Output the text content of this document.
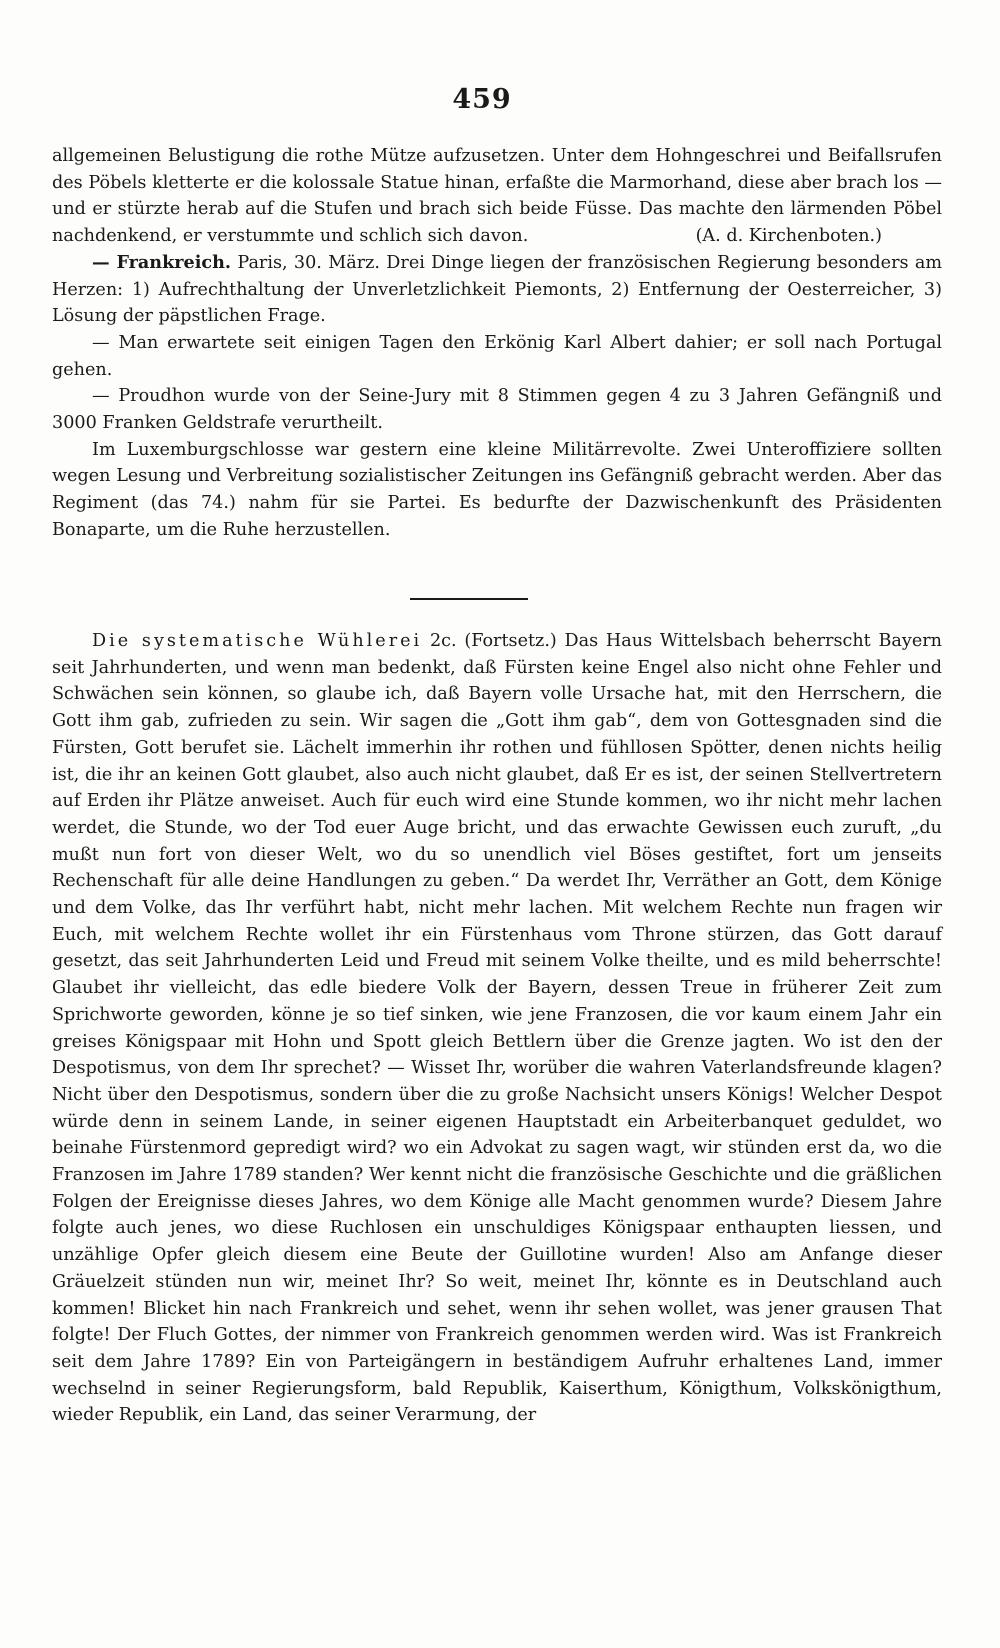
459

allgemeinen Belustigung die rothe Mütze aufzusetzen. Unter dem Hohngeschrei und Beifallsrufen des Pöbels kletterte er die kolossale Statue hinan, erfaßte die Marmorhand, diese aber brach los — und er stürzte herab auf die Stufen und brach sich beide Füsse. Das machte den lärmenden Pöbel nachdenkend, er verstummte und schlich sich davon.	(A. d. Kirchenboten.)

— Frankreich. Paris, 30. März. Drei Dinge liegen der französischen Regierung besonders am Herzen: 1) Aufrechthaltung der Unverletzlichkeit Piemonts, 2) Entfernung der Oesterreicher, 3) Lösung der päpstlichen Frage.

— Man erwartete seit einigen Tagen den Erkönig Karl Albert dahier; er soll nach Portugal gehen.

— Proudhon wurde von der Seine-Jury mit 8 Stimmen gegen 4 zu 3 Jahren Gefängniß und 3000 Franken Geldstrafe verurtheilt.

Im Luxemburgschlosse war gestern eine kleine Militärrevolte. Zwei Unteroffiziere sollten wegen Lesung und Verbreitung sozialistischer Zeitungen ins Gefängniß gebracht werden. Aber das Regiment (das 74.) nahm für sie Partei. Es bedurfte der Dazwischenkunft des Präsidenten Bonaparte, um die Ruhe herzustellen.

Die systematische Wühlerei 2c. (Fortsetz.) Das Haus Wittelsbach beherrscht Bayern seit Jahrhunderten, und wenn man bedenkt, daß Fürsten keine Engel also nicht ohne Fehler und Schwächen sein können, so glaube ich, daß Bayern volle Ursache hat, mit den Herrschern, die Gott ihm gab, zufrieden zu sein. Wir sagen die „Gott ihm gab“, dem von Gottesgnaden sind die Fürsten, Gott berufet sie. Lächelt immerhin ihr rothen und fühllosen Spötter, denen nichts heilig ist, die ihr an keinen Gott glaubet, also auch nicht glaubet, daß Er es ist, der seinen Stellvertretern auf Erden ihr Plätze anweiset. Auch für euch wird eine Stunde kommen, wo ihr nicht mehr lachen werdet, die Stunde, wo der Tod euer Auge bricht, und das erwachte Gewissen euch zuruft, „du mußt nun fort von dieser Welt, wo du so unendlich viel Böses gestiftet, fort um jenseits Rechenschaft für alle deine Handlungen zu geben.“ Da werdet Ihr, Verräther an Gott, dem Könige und dem Volke, das Ihr verführt habt, nicht mehr lachen. Mit welchem Rechte nun fragen wir Euch, mit welchem Rechte wollet ihr ein Fürstenhaus vom Throne stürzen, das Gott darauf gesetzt, das seit Jahrhunderten Leid und Freud mit seinem Volke theilte, und es mild beherrschte! Glaubet ihr vielleicht, das edle biedere Volk der Bayern, dessen Treue in früherer Zeit zum Sprichworte geworden, könne je so tief sinken, wie jene Franzosen, die vor kaum einem Jahr ein greises Königspaar mit Hohn und Spott gleich Bettlern über die Grenze jagten. Wo ist den der Despotismus, von dem Ihr sprechet? — Wisset Ihr, worüber die wahren Vaterlandsfreunde klagen? Nicht über den Despotismus, sondern über die zu große Nachsicht unsers Königs! Welcher Despot würde denn in seinem Lande, in seiner eigenen Hauptstadt ein Arbeiterbanquet geduldet, wo beinahe Fürstenmord gepredigt wird? wo ein Advokat zu sagen wagt, wir stünden erst da, wo die Franzosen im Jahre 1789 standen? Wer kennt nicht die französische Geschichte und die gräßlichen Folgen der Ereignisse dieses Jahres, wo dem Könige alle Macht genommen wurde? Diesem Jahre folgte auch jenes, wo diese Ruchlosen ein unschuldiges Königspaar enthaupten liessen, und unzählige Opfer gleich diesem eine Beute der Guillotine wurden! Also am Anfange dieser Gräuelzeit stünden nun wir, meinet Ihr? So weit, meinet Ihr, könnte es in Deutschland auch kommen! Blicket hin nach Frankreich und sehet, wenn ihr sehen wollet, was jener grausen That folgte! Der Fluch Gottes, der nimmer von Frankreich genommen werden wird. Was ist Frankreich seit dem Jahre 1789? Ein von Parteigängern in beständigem Aufruhr erhaltenes Land, immer wechselnd in seiner Regierungsform, bald Republik, Kaiserthum, Königthum, Volkskönigthum, wieder Republik, ein Land, das seiner Verarmung, der
